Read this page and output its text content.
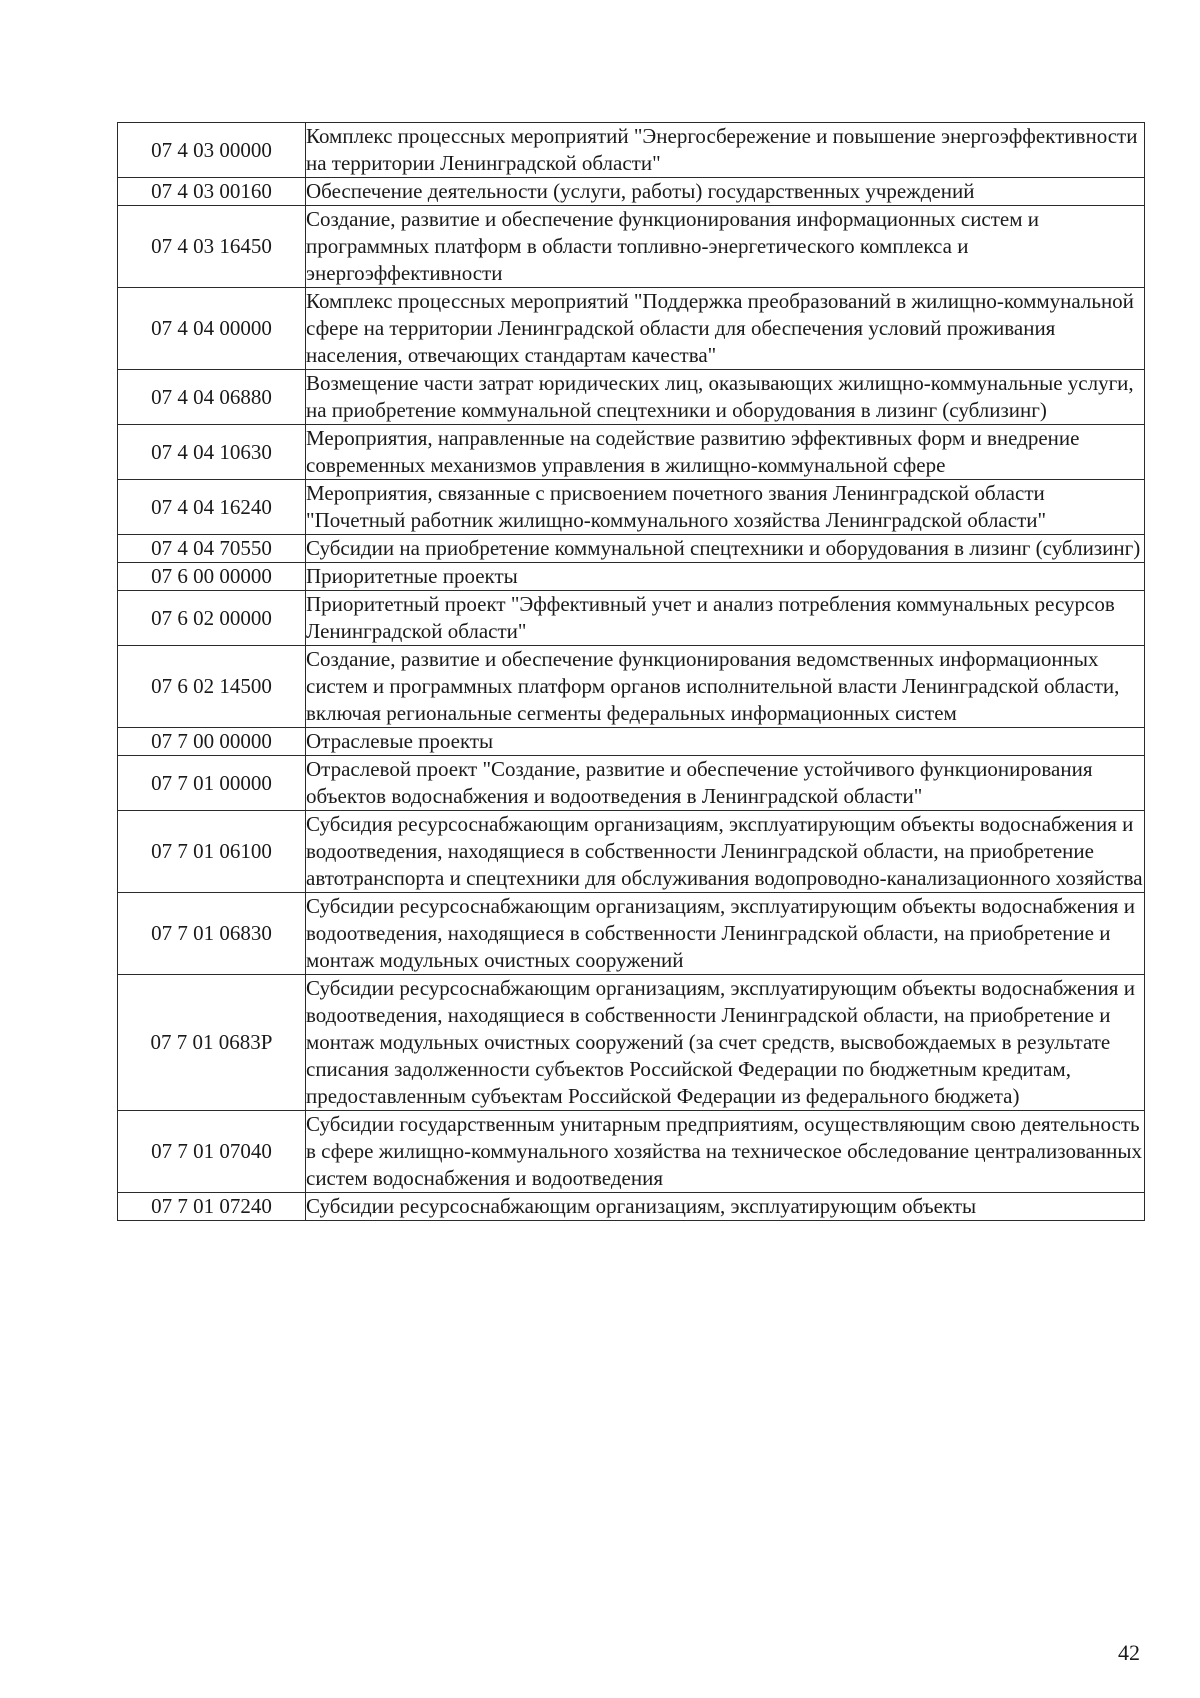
07 4 03 00000	Комплекс процессных мероприятий "Энергосбережение и повышение энергоэффективности на территории Ленинградской области"
07 4 03 00160	Обеспечение деятельности (услуги, работы) государственных учреждений
07 4 03 16450	Создание, развитие и обеспечение функционирования информационных систем и программных платформ в области топливно-энергетического комплекса и энергоэффективности
07 4 04 00000	Комплекс процессных мероприятий "Поддержка преобразований в жилищно-коммунальной сфере на территории Ленинградской области для обеспечения условий проживания населения, отвечающих стандартам качества"
07 4 04 06880	Возмещение части затрат юридических лиц, оказывающих жилищно-коммунальные услуги, на приобретение коммунальной спецтехники и оборудования в лизинг (сублизинг)
07 4 04 10630	Мероприятия, направленные на содействие развитию эффективных форм и внедрение современных механизмов управления в жилищно-коммунальной сфере
07 4 04 16240	Мероприятия, связанные с присвоением почетного звания Ленинградской области "Почетный работник жилищно-коммунального хозяйства Ленинградской области"
07 4 04 70550	Субсидии на приобретение коммунальной спецтехники и оборудования в лизинг (сублизинг)
07 6 00 00000	Приоритетные проекты
07 6 02 00000	Приоритетный проект "Эффективный учет и анализ потребления коммунальных ресурсов Ленинградской области"
07 6 02 14500	Создание, развитие и обеспечение функционирования ведомственных информационных систем и программных платформ органов исполнительной власти Ленинградской области, включая региональные сегменты федеральных информационных систем
07 7 00 00000	Отраслевые проекты
07 7 01 00000	Отраслевой проект "Создание, развитие и обеспечение устойчивого функционирования объектов водоснабжения и водоотведения в Ленинградской области"
07 7 01 06100	Субсидия ресурсоснабжающим организациям, эксплуатирующим объекты водоснабжения и водоотведения, находящиеся в собственности Ленинградской области, на приобретение автотранспорта и спецтехники для обслуживания водопроводно-канализационного хозяйства
07 7 01 06830	Субсидии ресурсоснабжающим организациям, эксплуатирующим объекты водоснабжения и водоотведения, находящиеся в собственности Ленинградской области, на приобретение и монтаж модульных очистных сооружений
07 7 01 0683Р	Субсидии ресурсоснабжающим организациям, эксплуатирующим объекты водоснабжения и водоотведения, находящиеся в собственности Ленинградской области, на приобретение и монтаж модульных очистных сооружений (за счет средств, высвобождаемых в результате списания задолженности субъектов Российской Федерации по бюджетным кредитам, предоставленным субъектам Российской Федерации из федерального бюджета)
07 7 01 07040	Субсидии государственным унитарным предприятиям, осуществляющим свою деятельность в сфере жилищно-коммунального хозяйства на техническое обследование централизованных систем водоснабжения и водоотведения
07 7 01 07240	Субсидии ресурсоснабжающим организациям, эксплуатирующим объекты
42
